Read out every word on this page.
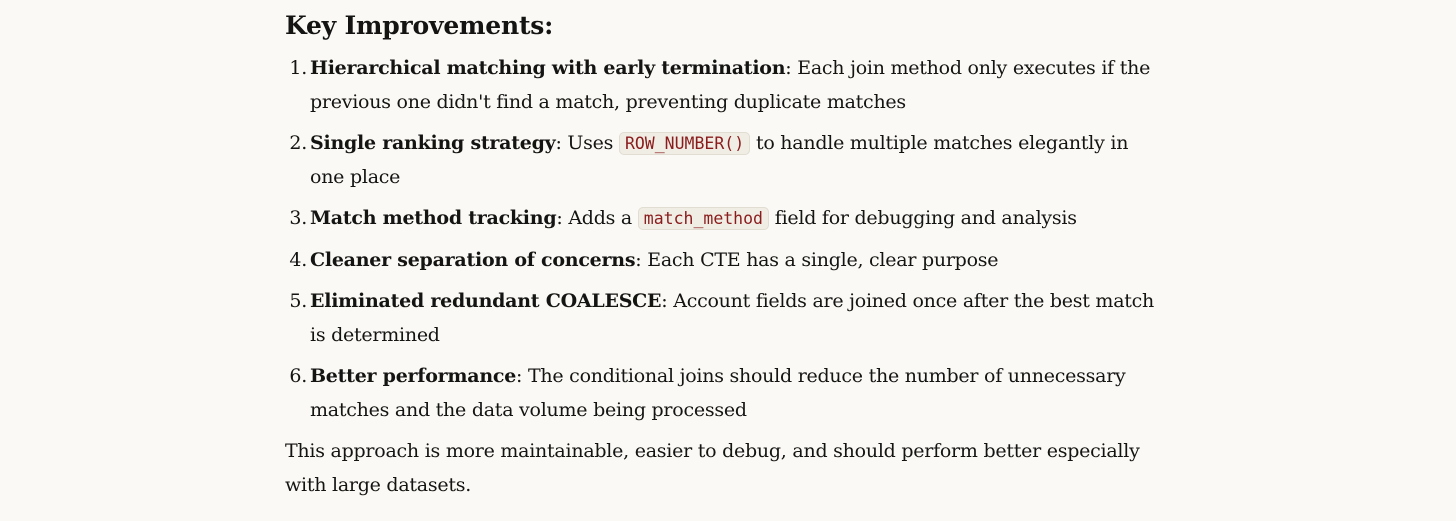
Key Improvements:
1. Hierarchical matching with early termination: Each join method only executes if the previous one didn't find a match, preventing duplicate matches
2. Single ranking strategy: Uses ROW_NUMBER() to handle multiple matches elegantly in one place
3. Match method tracking: Adds a match_method field for debugging and analysis
4. Cleaner separation of concerns: Each CTE has a single, clear purpose
5. Eliminated redundant COALESCE: Account fields are joined once after the best match is determined
6. Better performance: The conditional joins should reduce the number of unnecessary matches and the data volume being processed

This approach is more maintainable, easier to debug, and should perform better especially with large datasets.
